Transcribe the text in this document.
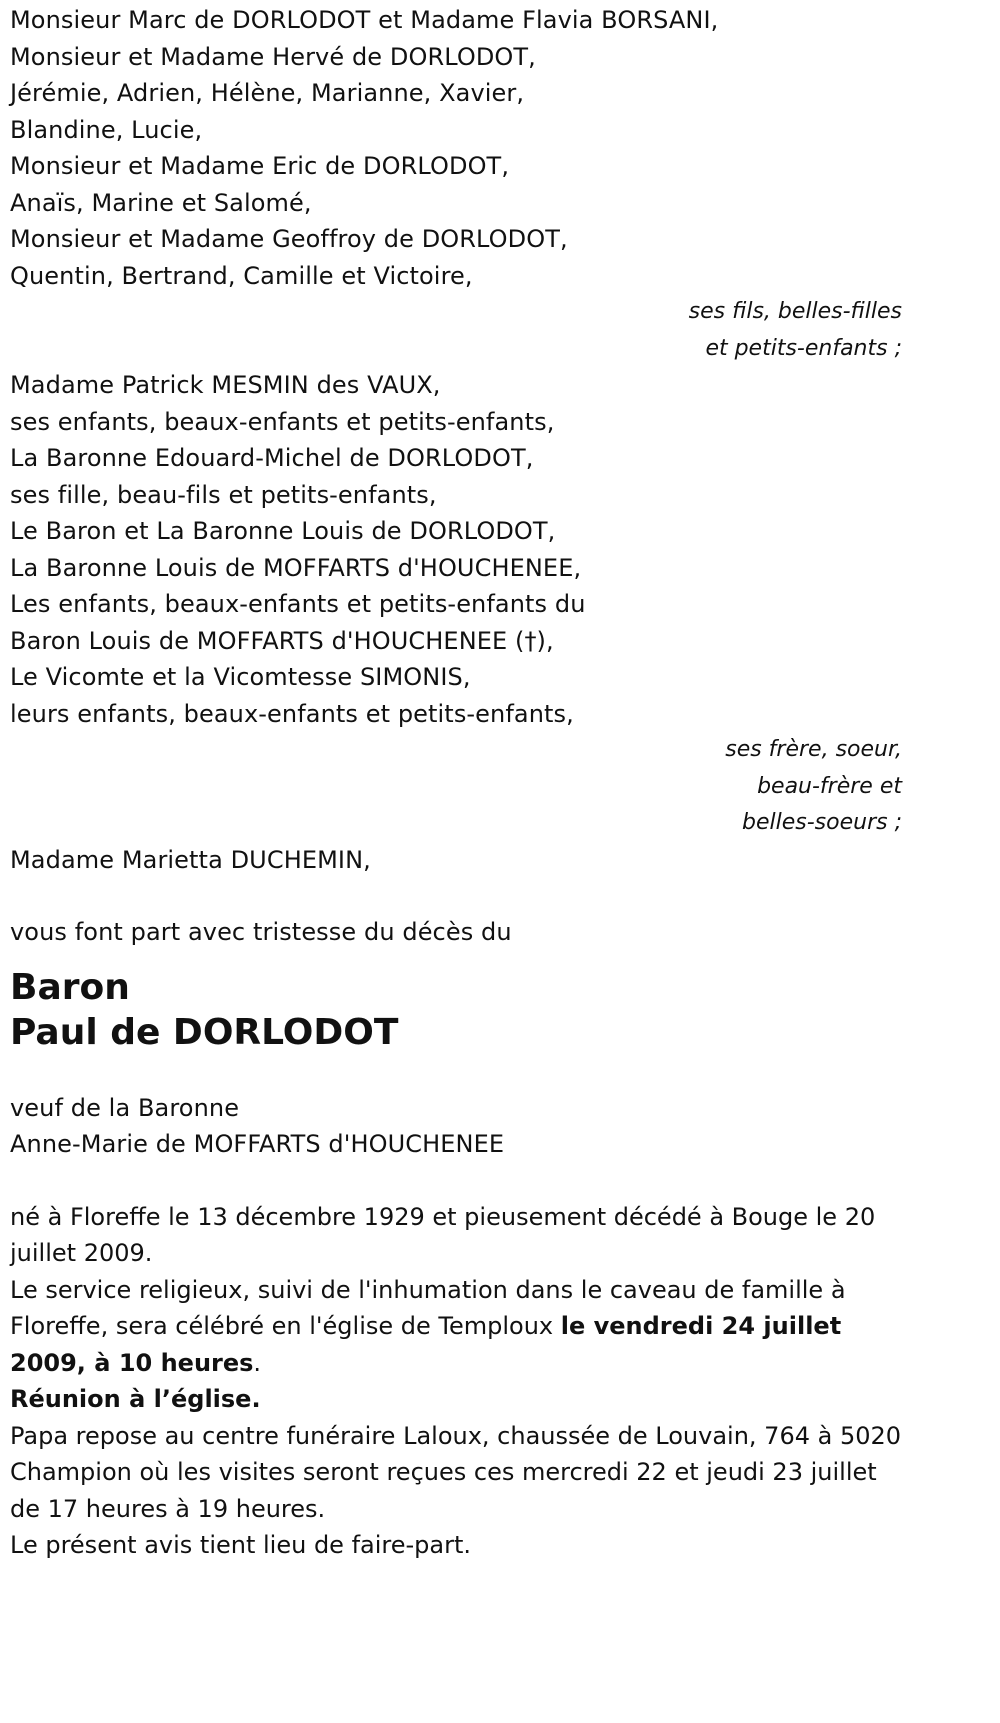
Monsieur Marc de DORLODOT et Madame Flavia BORSANI,
Monsieur et Madame Hervé de DORLODOT,
Jérémie, Adrien, Hélène, Marianne, Xavier,
Blandine, Lucie,
Monsieur et Madame Eric de DORLODOT,
Anaïs, Marine et Salomé,
Monsieur et Madame Geoffroy de DORLODOT,
Quentin, Bertrand, Camille et Victoire,
ses fils, belles-filles
et petits-enfants ;
Madame Patrick MESMIN des VAUX,
ses enfants, beaux-enfants et petits-enfants,
La Baronne Edouard-Michel de DORLODOT,
ses fille, beau-fils et petits-enfants,
Le Baron et La Baronne Louis de DORLODOT,
La Baronne Louis de MOFFARTS d'HOUCHENEE,
Les enfants, beaux-enfants et petits-enfants du
Baron Louis de MOFFARTS d'HOUCHENEE (†),
Le Vicomte et la Vicomtesse SIMONIS,
leurs enfants, beaux-enfants et petits-enfants,
ses frère, soeur,
beau-frère et
belles-soeurs ;
Madame Marietta DUCHEMIN,
vous font part avec tristesse du décès du
Baron
Paul de DORLODOT
veuf de la Baronne
Anne-Marie de MOFFARTS d'HOUCHENEE
né à Floreffe le 13 décembre 1929 et pieusement décédé à Bouge le 20 juillet 2009.
Le service religieux, suivi de l'inhumation dans le caveau de famille à Floreffe, sera célébré en l'église de Temploux le vendredi 24 juillet 2009, à 10 heures.
Réunion à l’église.
Papa repose au centre funéraire Laloux, chaussée de Louvain, 764 à 5020 Champion où les visites seront reçues ces mercredi 22 et jeudi 23 juillet de 17 heures à 19 heures.
Le présent avis tient lieu de faire-part.
